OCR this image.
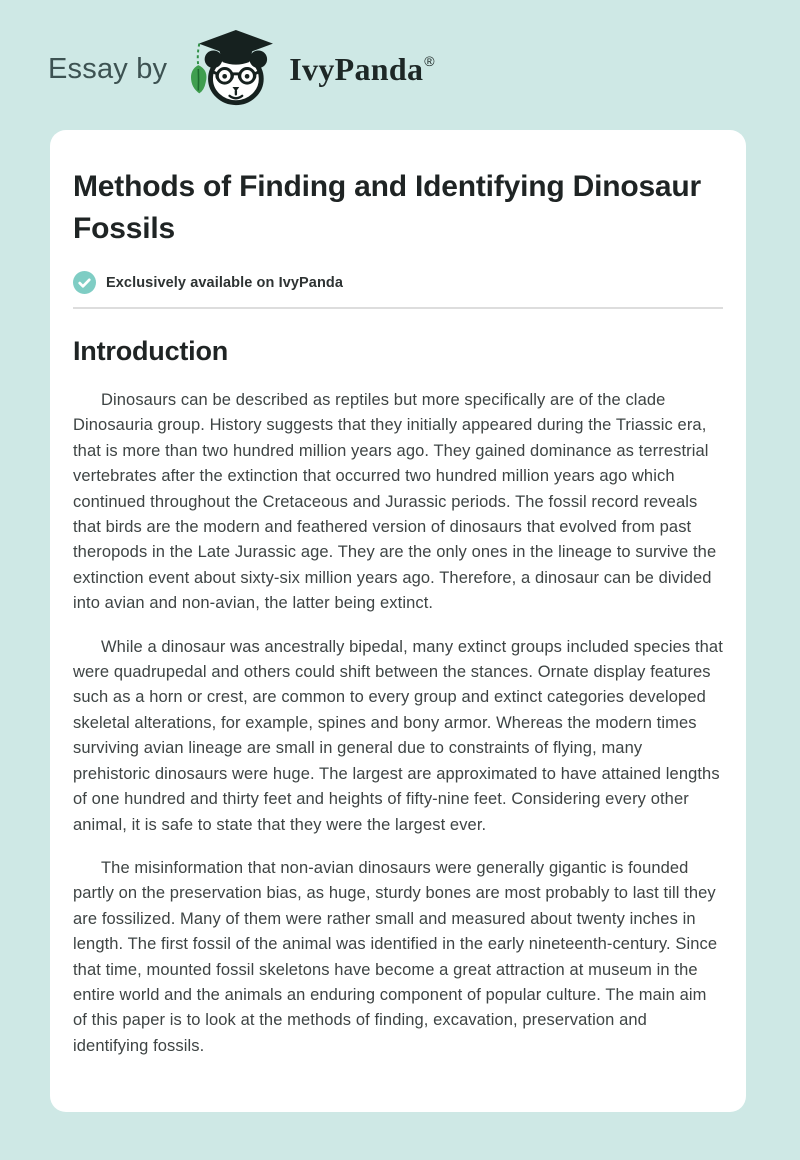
Essay by	IvyPanda®
Methods of Finding and Identifying Dinosaur Fossils
Exclusively available on IvyPanda
Introduction

Dinosaurs can be described as reptiles but more specifically are of the clade Dinosauria group. History suggests that they initially appeared during the Triassic era, that is more than two hundred million years ago. They gained dominance as terrestrial vertebrates after the extinction that occurred two hundred million years ago which continued throughout the Cretaceous and Jurassic periods. The fossil record reveals that birds are the modern and feathered version of dinosaurs that evolved from past theropods in the Late Jurassic age. They are the only ones in the lineage to survive the extinction event about sixty-six million years ago. Therefore, a dinosaur can be divided into avian and non-avian, the latter being extinct.

While a dinosaur was ancestrally bipedal, many extinct groups included species that were quadrupedal and others could shift between the stances. Ornate display features such as a horn or crest, are common to every group and extinct categories developed skeletal alterations, for example, spines and bony armor. Whereas the modern times surviving avian lineage are small in general due to constraints of flying, many prehistoric dinosaurs were huge. The largest are approximated to have attained lengths of one hundred and thirty feet and heights of fifty-nine feet. Considering every other animal, it is safe to state that they were the largest ever.

The misinformation that non-avian dinosaurs were generally gigantic is founded partly on the preservation bias, as huge, sturdy bones are most probably to last till they are fossilized. Many of them were rather small and measured about twenty inches in length. The first fossil of the animal was identified in the early nineteenth-century. Since that time, mounted fossil skeletons have become a great attraction at museum in the entire world and the animals an enduring component of popular culture. The main aim of this paper is to look at the methods of finding, excavation, preservation and identifying fossils.
